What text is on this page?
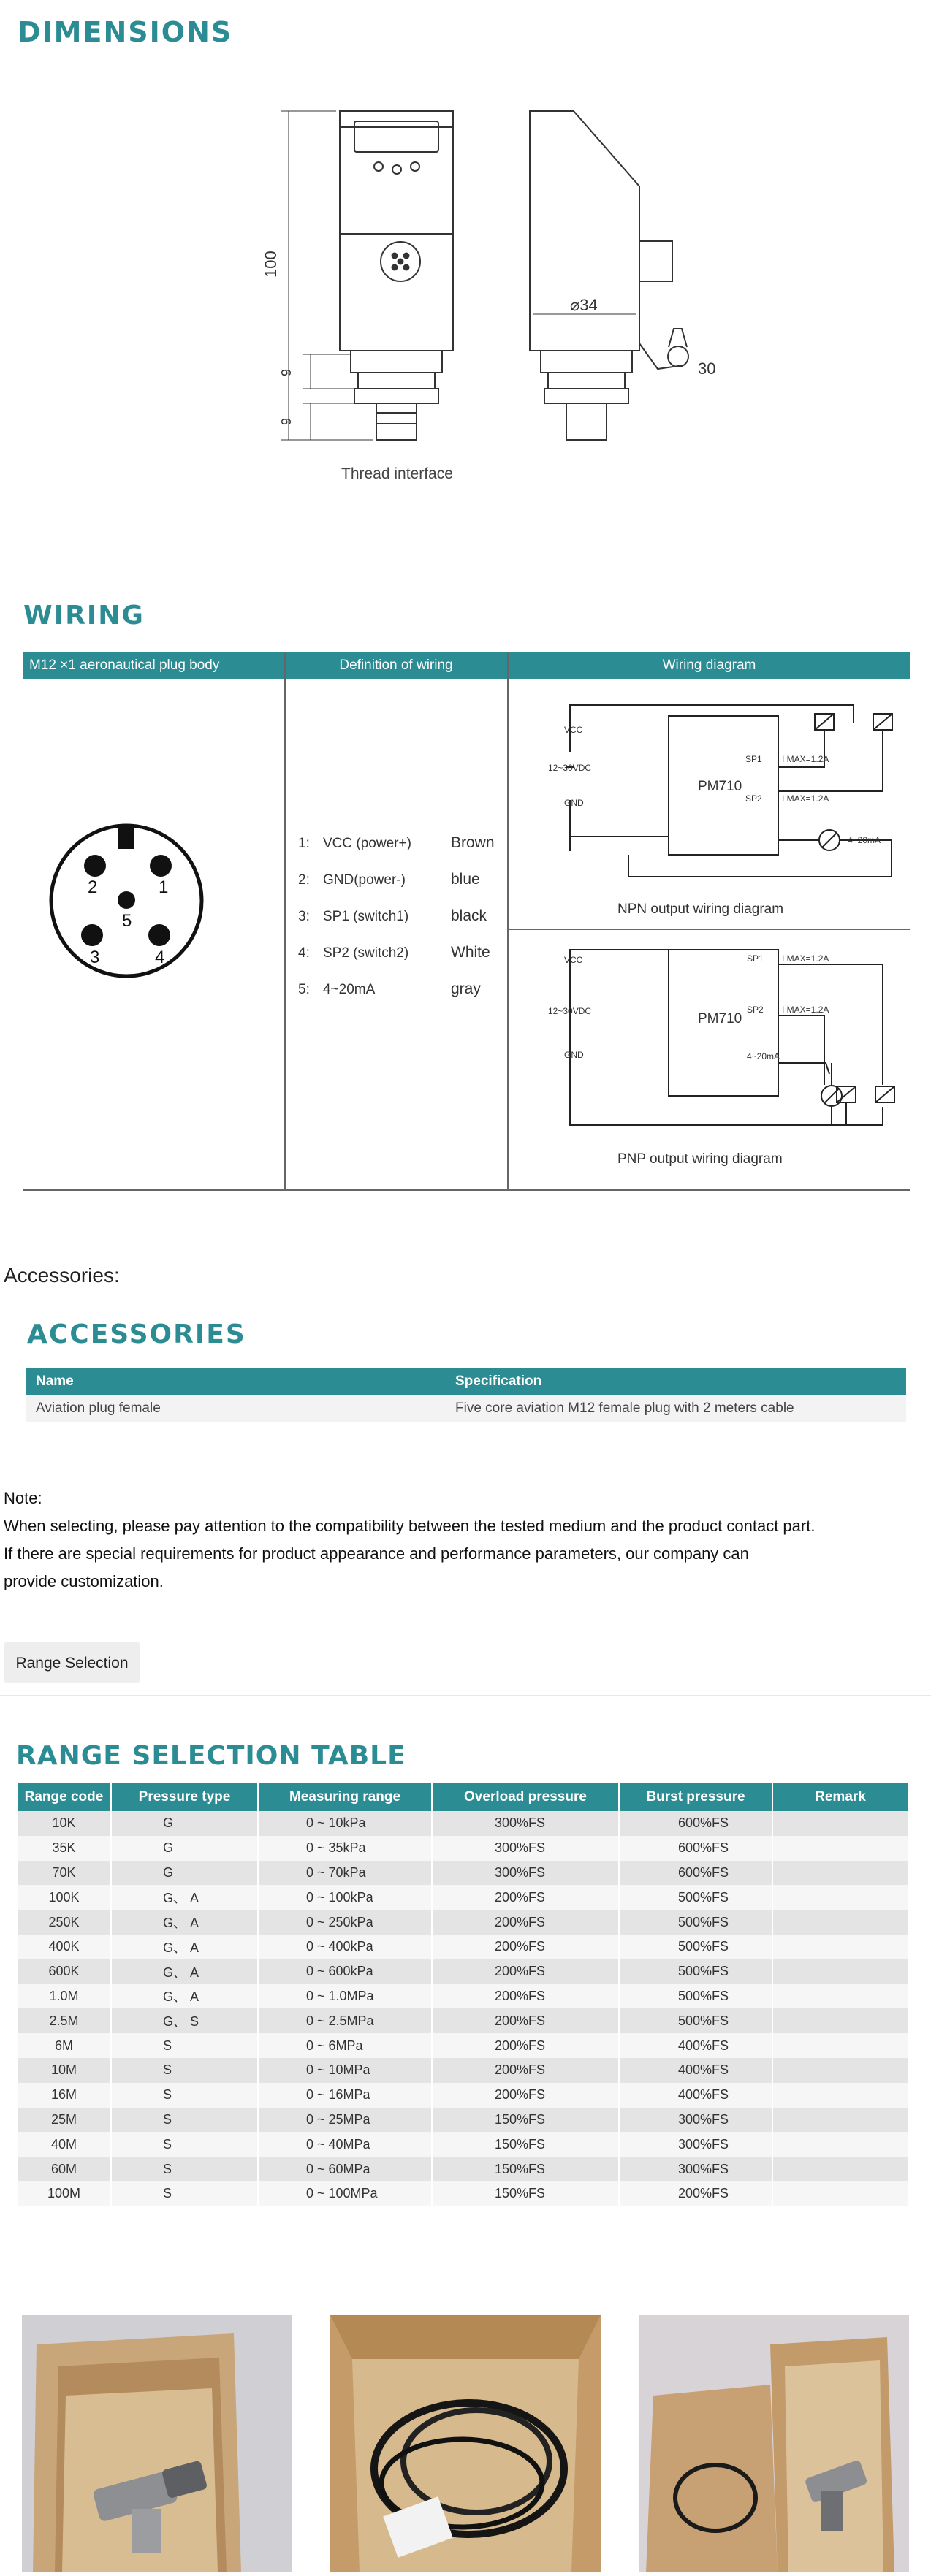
DIMENSIONS
100
9
9
⌀34
30
Thread interface
WIRING
M12 ×1 aeronautical plug body	Definition of wiring	Wiring diagram
1
2
3	4
5
1: VCC (power+)	Brown
2: GND(power-)	blue
3: SP1 (switch1)	black
4: SP2 (switch2)	White
5: 4~20mA	gray
VCC
12~30VDC
GND
PM710
SP1
SP2
I MAX=1.2A
I MAX=1.2A
4~20mA
NPN output wiring diagram
VCC
12~30VDC
GND
PM710
SP1
SP2
I MAX=1.2A
I MAX=1.2A
4~20mA
PNP output wiring diagram
Accessories:
ACCESSORIES
Name	Specification
Aviation plug female	Five core aviation M12 female plug with 2 meters cable

Note:

When selecting, please pay attention to the compatibility between the tested medium and the product contact part.

If there are special requirements for product appearance and performance parameters, our company can

provide customization.

Range Selection
RANGE SELECTION TABLE
Range code	Pressure type	Measuring range	Overload pressure	Burst pressure	Remark
10K	G	0 ~ 10kPa	300%FS	600%FS	
35K	G	0 ~ 35kPa	300%FS	600%FS	
70K	G	0 ~ 70kPa	300%FS	600%FS	
100K	G、 A	0 ~ 100kPa	200%FS	500%FS	
250K	G、 A	0 ~ 250kPa	200%FS	500%FS	
400K	G、 A	0 ~ 400kPa	200%FS	500%FS	
600K	G、 A	0 ~ 600kPa	200%FS	500%FS	
1.0M	G、 A	0 ~ 1.0MPa	200%FS	500%FS	
2.5M	G、 S	0 ~ 2.5MPa	200%FS	500%FS	
6M	S	0 ~ 6MPa	200%FS	400%FS	
10M	S	0 ~ 10MPa	200%FS	400%FS	
16M	S	0 ~ 16MPa	200%FS	400%FS	
25M	S	0 ~ 25MPa	150%FS	300%FS	
40M	S	0 ~ 40MPa	150%FS	300%FS	
60M	S	0 ~ 60MPa	150%FS	300%FS	
100M	S	0 ~ 100MPa	150%FS	200%FS	
